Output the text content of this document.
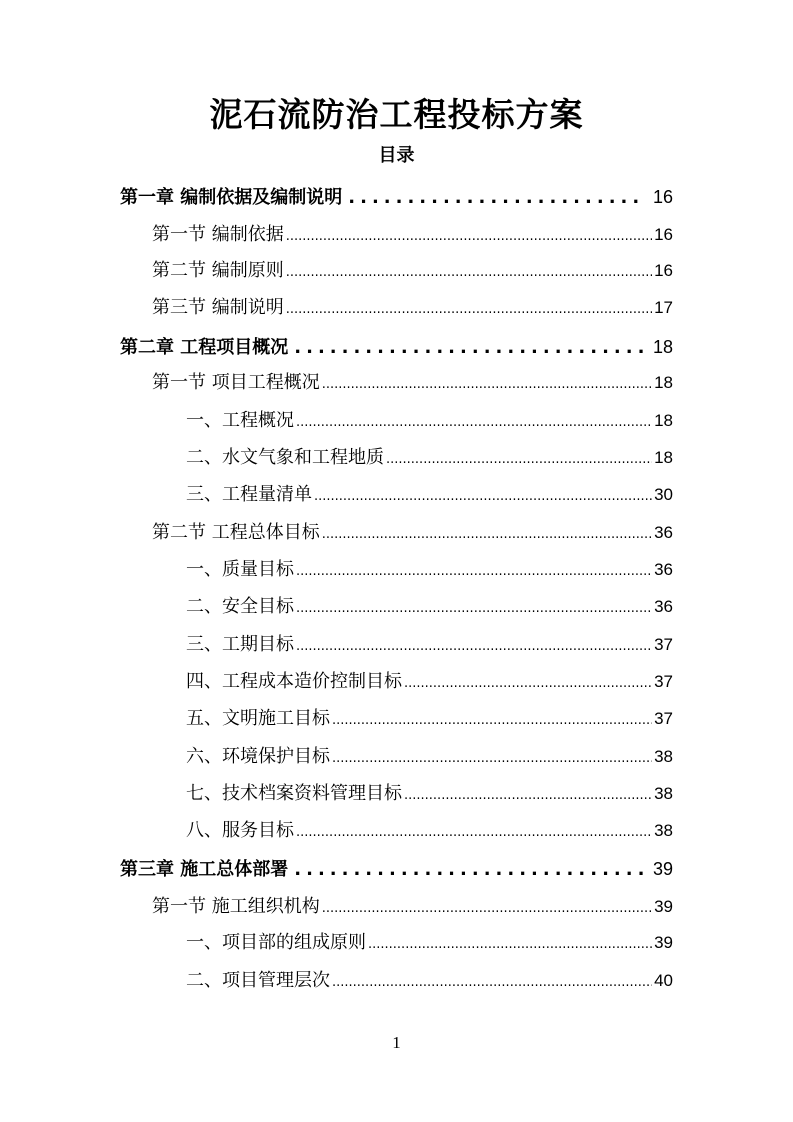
泥石流防治工程投标方案
目录
第一章 编制依据及编制说明 .....	16
第一节 编制依据 .....	16
第二节 编制原则 .....	16
第三节 编制说明 .....	17
第二章 工程项目概况 .....	18
第一节 项目工程概况 .....	18
一、工程概况 .....	18
二、水文气象和工程地质 .....	18
三、工程量清单 .....	30
第二节 工程总体目标 .....	36
一、质量目标 .....	36
二、安全目标 .....	36
三、工期目标 .....	37
四、工程成本造价控制目标 .....	37
五、文明施工目标 .....	37
六、环境保护目标 .....	38
七、技术档案资料管理目标 .....	38
八、服务目标 .....	38
第三章 施工总体部署 .....	39
第一节 施工组织机构 .....	39
一、项目部的组成原则 .....	39
二、项目管理层次 .....	40
1
